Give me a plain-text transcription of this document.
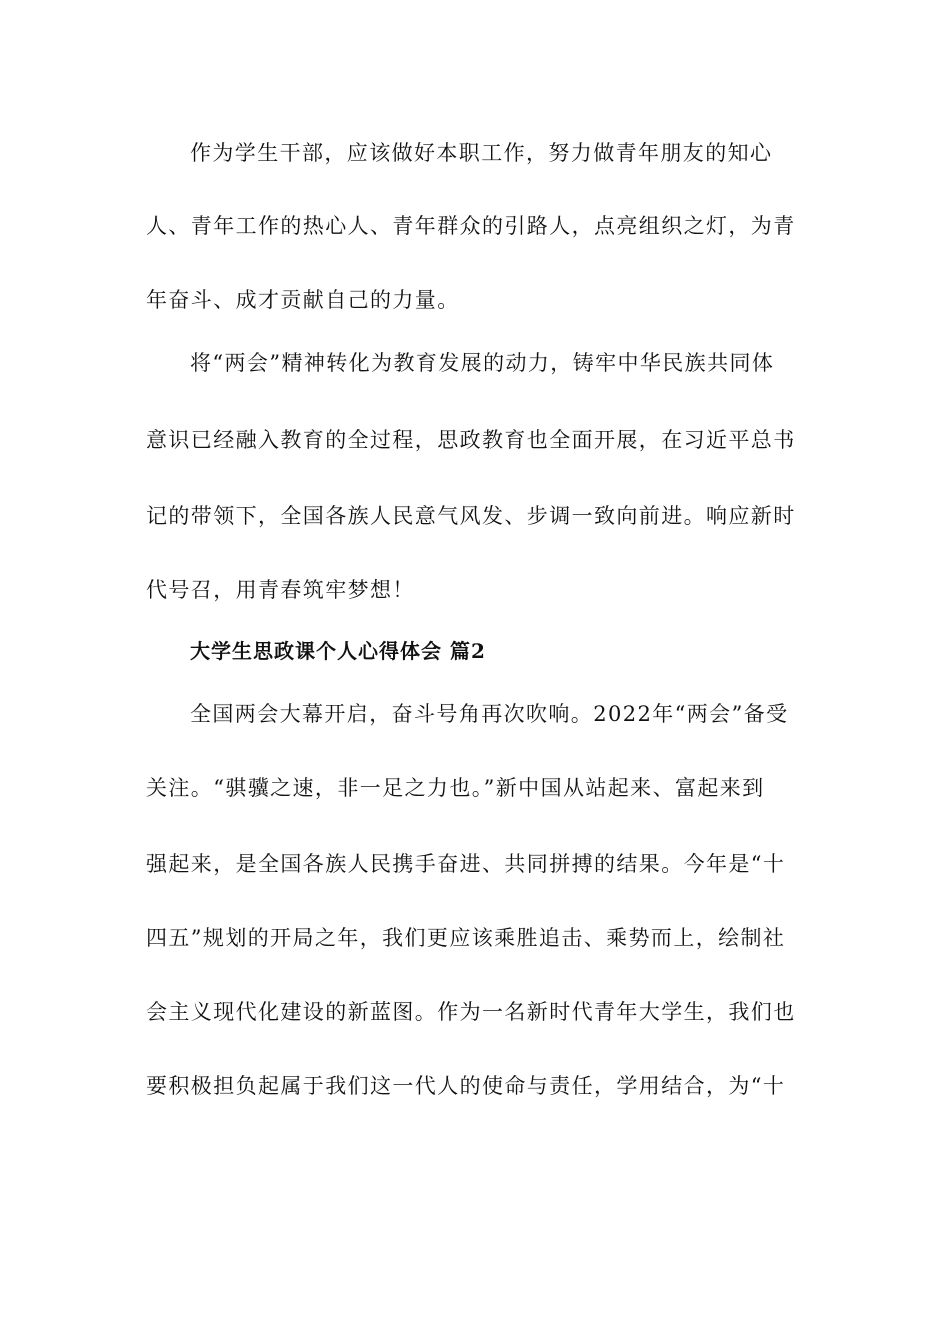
作为学生干部，应该做好本职工作，努力做青年朋友的知心
人、青年工作的热心人、青年群众的引路人，点亮组织之灯，为青
年奋斗、成才贡献自己的力量。
将“两会”精神转化为教育发展的动力，铸牢中华民族共同体
意识已经融入教育的全过程，思政教育也全面开展，在习近平总书
记的带领下，全国各族人民意气风发、步调一致向前进。响应新时
代号召，用青春筑牢梦想！
大学生思政课个人心得体会 篇2
全国两会大幕开启，奋斗号角再次吹响。2022年“两会”备受
关注。“骐骥之速，非一足之力也。”新中国从站起来、富起来到
强起来，是全国各族人民携手奋进、共同拼搏的结果。今年是“十
四五”规划的开局之年，我们更应该乘胜追击、乘势而上，绘制社
会主义现代化建设的新蓝图。作为一名新时代青年大学生，我们也
要积极担负起属于我们这一代人的使命与责任，学用结合，为“十
